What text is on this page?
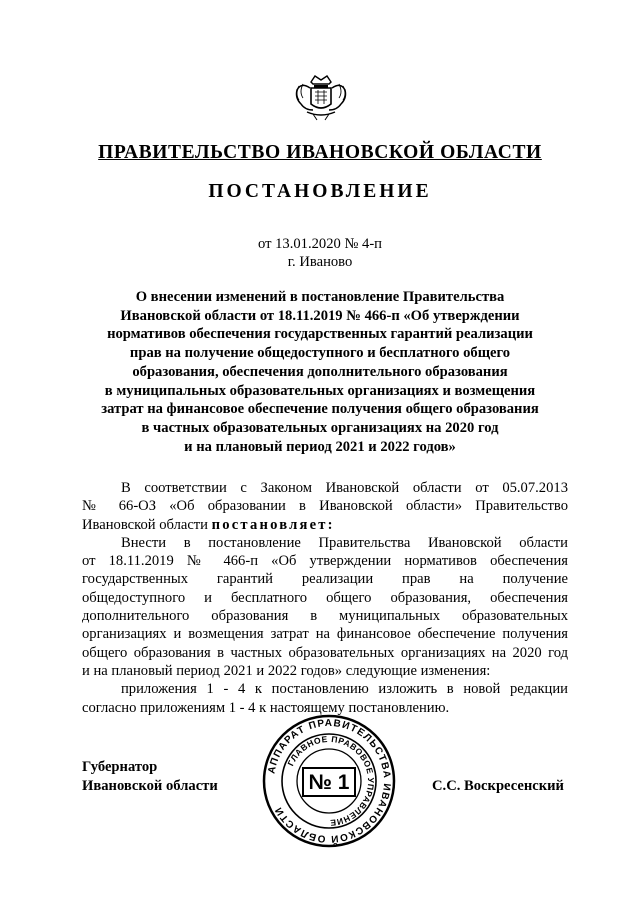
ПРАВИТЕЛЬСТВО ИВАНОВСКОЙ ОБЛАСТИ
ПОСТАНОВЛЕНИЕ
от 13.01.2020 № 4-п
г. Иваново
О внесении изменений в постановление Правительства
Ивановской области от 18.11.2019 № 466-п «Об утверждении
нормативов обеспечения государственных гарантий реализации
прав на получение общедоступного и бесплатного общего
образования, обеспечения дополнительного образования
в муниципальных образовательных организациях и возмещения
затрат на финансовое обеспечение получения общего образования
в частных образовательных организациях на 2020 год
и на плановый период 2021 и 2022 годов»
В соответствии с Законом Ивановской области от 05.07.2013
№ 66-ОЗ «Об образовании в Ивановской области» Правительство
Ивановской области постановляет:
Внести в постановление Правительства Ивановской области
от 18.11.2019 № 466-п «Об утверждении нормативов обеспечения
государственных гарантий реализации прав на получение
общедоступного и бесплатного общего образования, обеспечения
дополнительного образования в муниципальных образовательных
организациях и возмещения затрат на финансовое обеспечение получения
общего образования в частных образовательных организациях на 2020 год
и на плановый период 2021 и 2022 годов» следующие изменения:
приложения 1 - 4 к постановлению изложить в новой редакции
согласно приложениям 1 - 4 к настоящему постановлению.
Губернатор
Ивановской области	С.С. Воскресенский
АППАРАТ ПРАВИТЕЛЬСТВА ИВАНОВСКОЙ ОБЛАСТИ
ГЛАВНОЕ ПРАВОВОЕ УПРАВЛЕНИЕ
№ 1
